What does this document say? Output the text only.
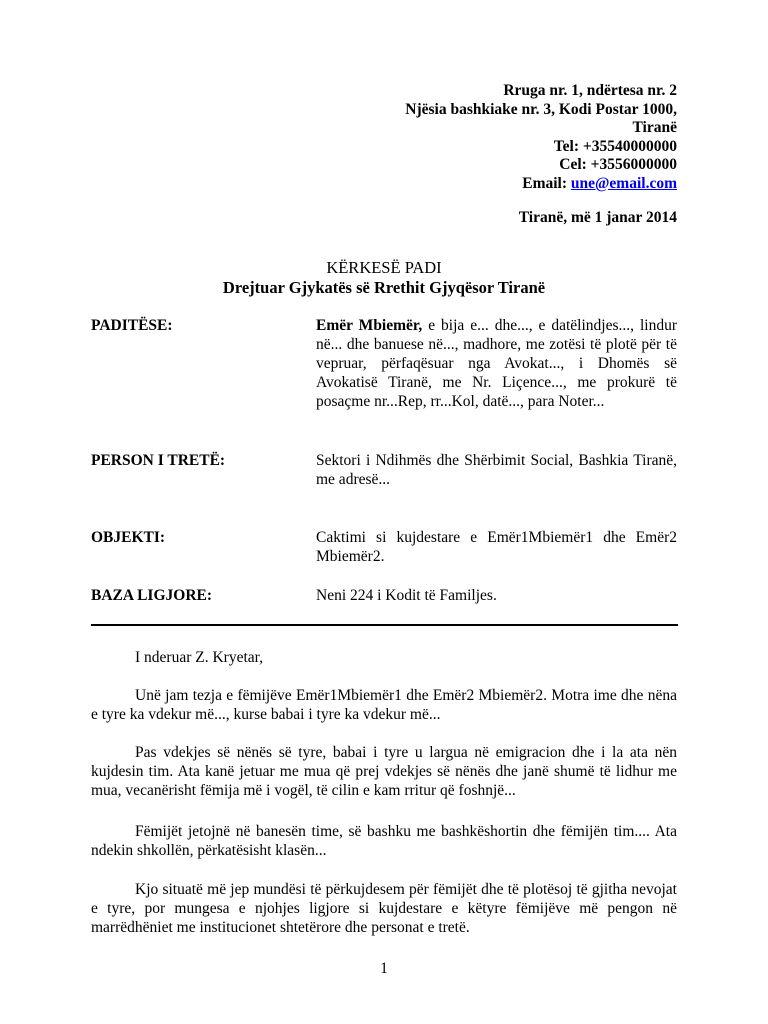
Rruga nr. 1, ndërtesa nr. 2
Njësia bashkiake nr. 3, Kodi Postar 1000,
Tiranë
Tel: +35540000000
Cel: +3556000000
Email: une@email.com
Tiranë, më 1 janar 2014
KËRKESË PADI
Drejtuar Gjykatës së Rrethit Gjyqësor Tiranë
PADITËSE:	Emër Mbiemër, e bija e... dhe..., e datëlindjes..., lindur në... dhe banuese në..., madhore, me zotësi të plotë për të vepruar, përfaqësuar nga Avokat..., i Dhomës së Avokatisë Tiranë, me Nr. Liçence..., me prokurë të posaçme nr...Rep, rr...Kol, datë..., para Noter...
PERSON I TRETË:	Sektori i Ndihmës dhe Shërbimit Social, Bashkia Tiranë, me adresë...
OBJEKTI:	Caktimi si kujdestare e Emër1Mbiemër1 dhe Emër2 Mbiemër2.
BAZA LIGJORE:	Neni 224 i Kodit të Familjes.
I nderuar Z. Kryetar,
Unë jam tezja e fëmijëve Emër1Mbiemër1 dhe Emër2 Mbiemër2. Motra ime dhe nëna e tyre ka vdekur më..., kurse babai i tyre ka vdekur më...
Pas vdekjes së nënës së tyre, babai i tyre u largua në emigracion dhe i la ata nën kujdesin tim. Ata kanë jetuar me mua që prej vdekjes së nënës dhe janë shumë të lidhur me mua, vecanërisht fëmija më i vogël, të cilin e kam rritur që foshnjë...
Fëmijët jetojnë në banesën time, së bashku me bashkëshortin dhe fëmijën tim.... Ata ndekin shkollën, përkatësisht klasën...
Kjo situatë më jep mundësi të përkujdesem për fëmijët dhe të plotësoj të gjitha nevojat e tyre, por mungesa e njohjes ligjore si kujdestare e këtyre fëmijëve më pengon në marrëdhëniet me institucionet shtetërore dhe personat e tretë.
1
